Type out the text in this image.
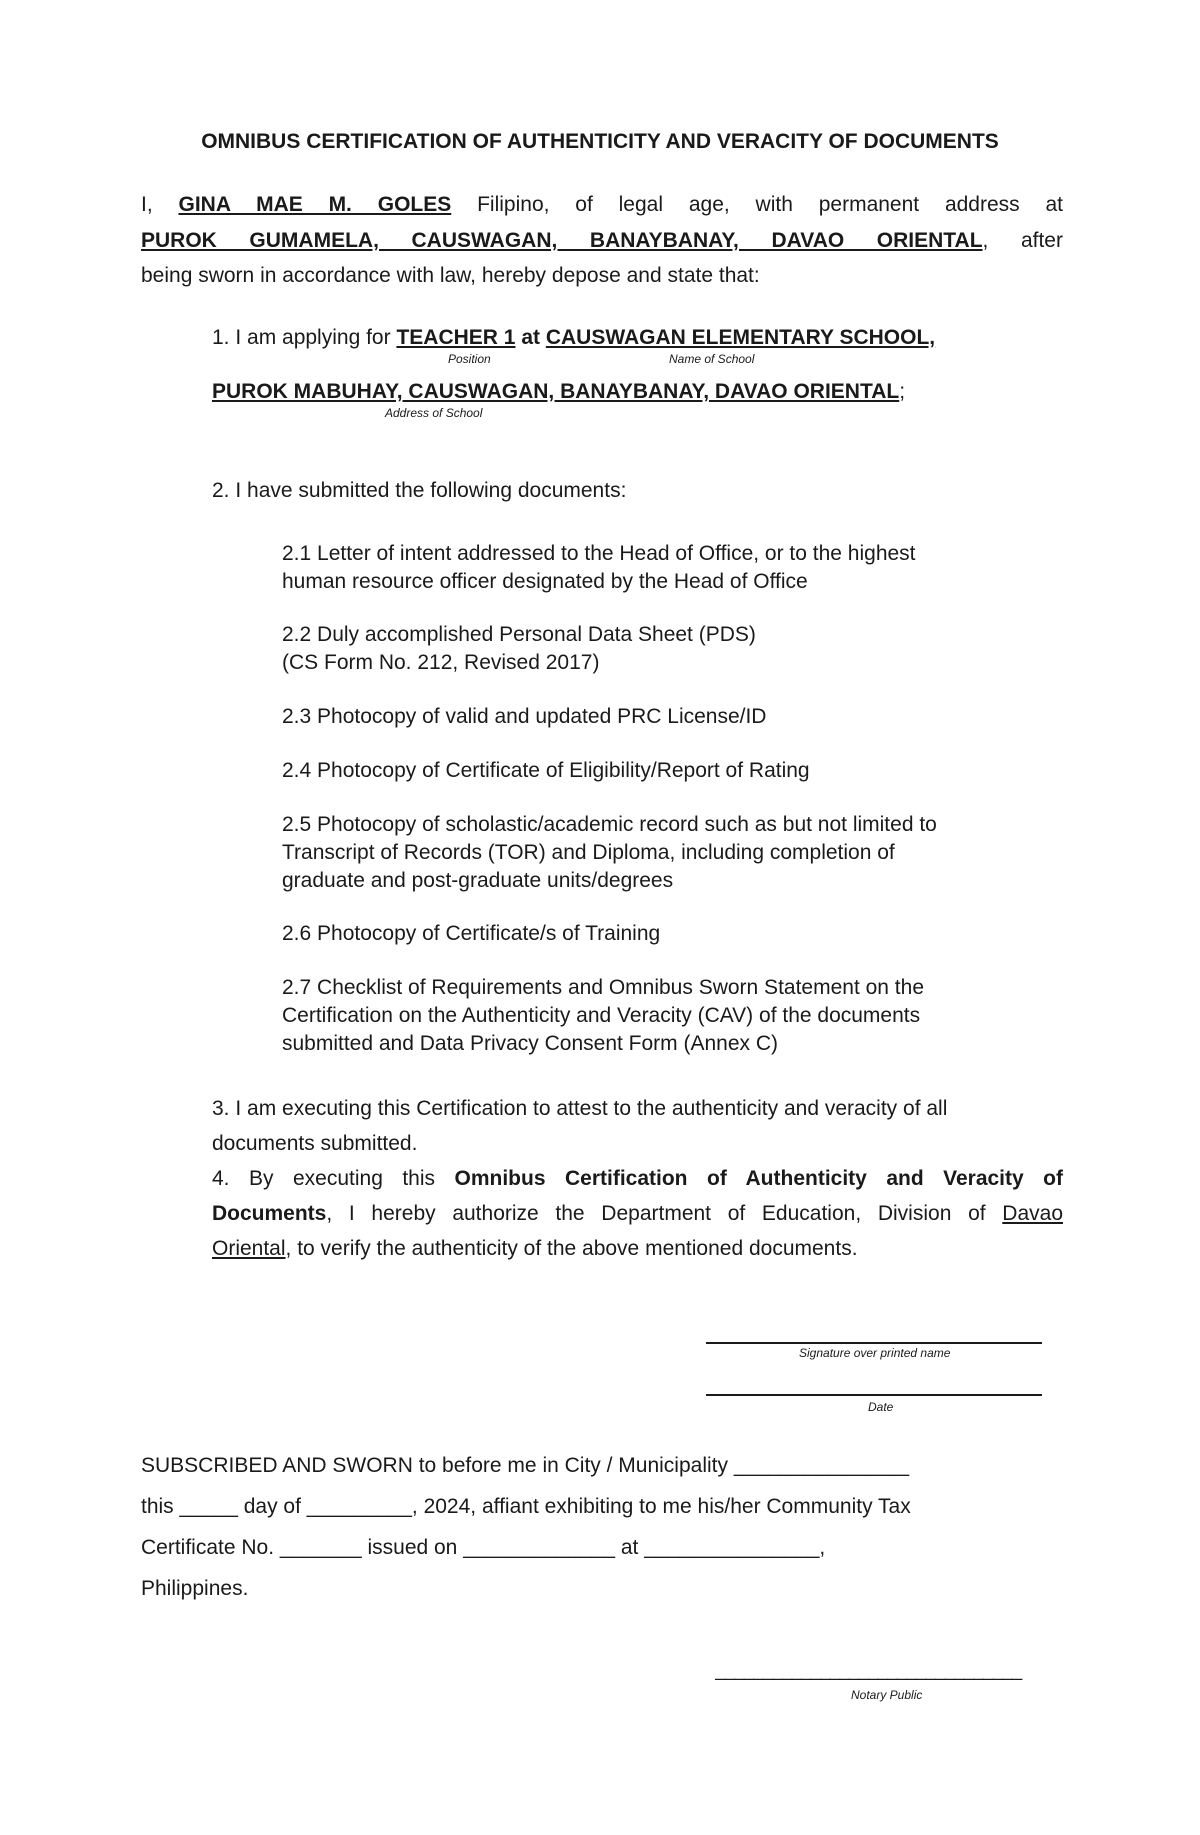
OMNIBUS CERTIFICATION OF AUTHENTICITY AND VERACITY OF DOCUMENTS
I, GINA MAE M. GOLES Filipino, of legal age, with permanent address at
PUROK GUMAMELA, CAUSWAGAN, BANAYBANAY, DAVAO ORIENTAL, after
being sworn in accordance with law, hereby depose and state that:
1. I am applying for TEACHER 1 at CAUSWAGAN ELEMENTARY SCHOOL,
Position	Name of School
PUROK MABUHAY, CAUSWAGAN, BANAYBANAY, DAVAO ORIENTAL;
Address of School
2. I have submitted the following documents:
2.1 Letter of intent addressed to the Head of Office, or to the highest
human resource officer designated by the Head of Office
2.2 Duly accomplished Personal Data Sheet (PDS)
(CS Form No. 212, Revised 2017)
2.3 Photocopy of valid and updated PRC License/ID
2.4 Photocopy of Certificate of Eligibility/Report of Rating
2.5 Photocopy of scholastic/academic record such as but not limited to
Transcript of Records (TOR) and Diploma, including completion of
graduate and post-graduate units/degrees
2.6 Photocopy of Certificate/s of Training
2.7 Checklist of Requirements and Omnibus Sworn Statement on the
Certification on the Authenticity and Veracity (CAV) of the documents
submitted and Data Privacy Consent Form (Annex C)
3. I am executing this Certification to attest to the authenticity and veracity of all
documents submitted.
4. By executing this Omnibus Certification of Authenticity and Veracity of
Documents, I hereby authorize the Department of Education, Division of Davao
Oriental, to verify the authenticity of the above mentioned documents.
Signature over printed name
Date
SUBSCRIBED AND SWORN to before me in City / Municipality _______________
this _____ day of _________, 2024, affiant exhibiting to me his/her Community Tax
Certificate No. _______ issued on _____________ at _______________,
Philippines.
________________________________
Notary Public
